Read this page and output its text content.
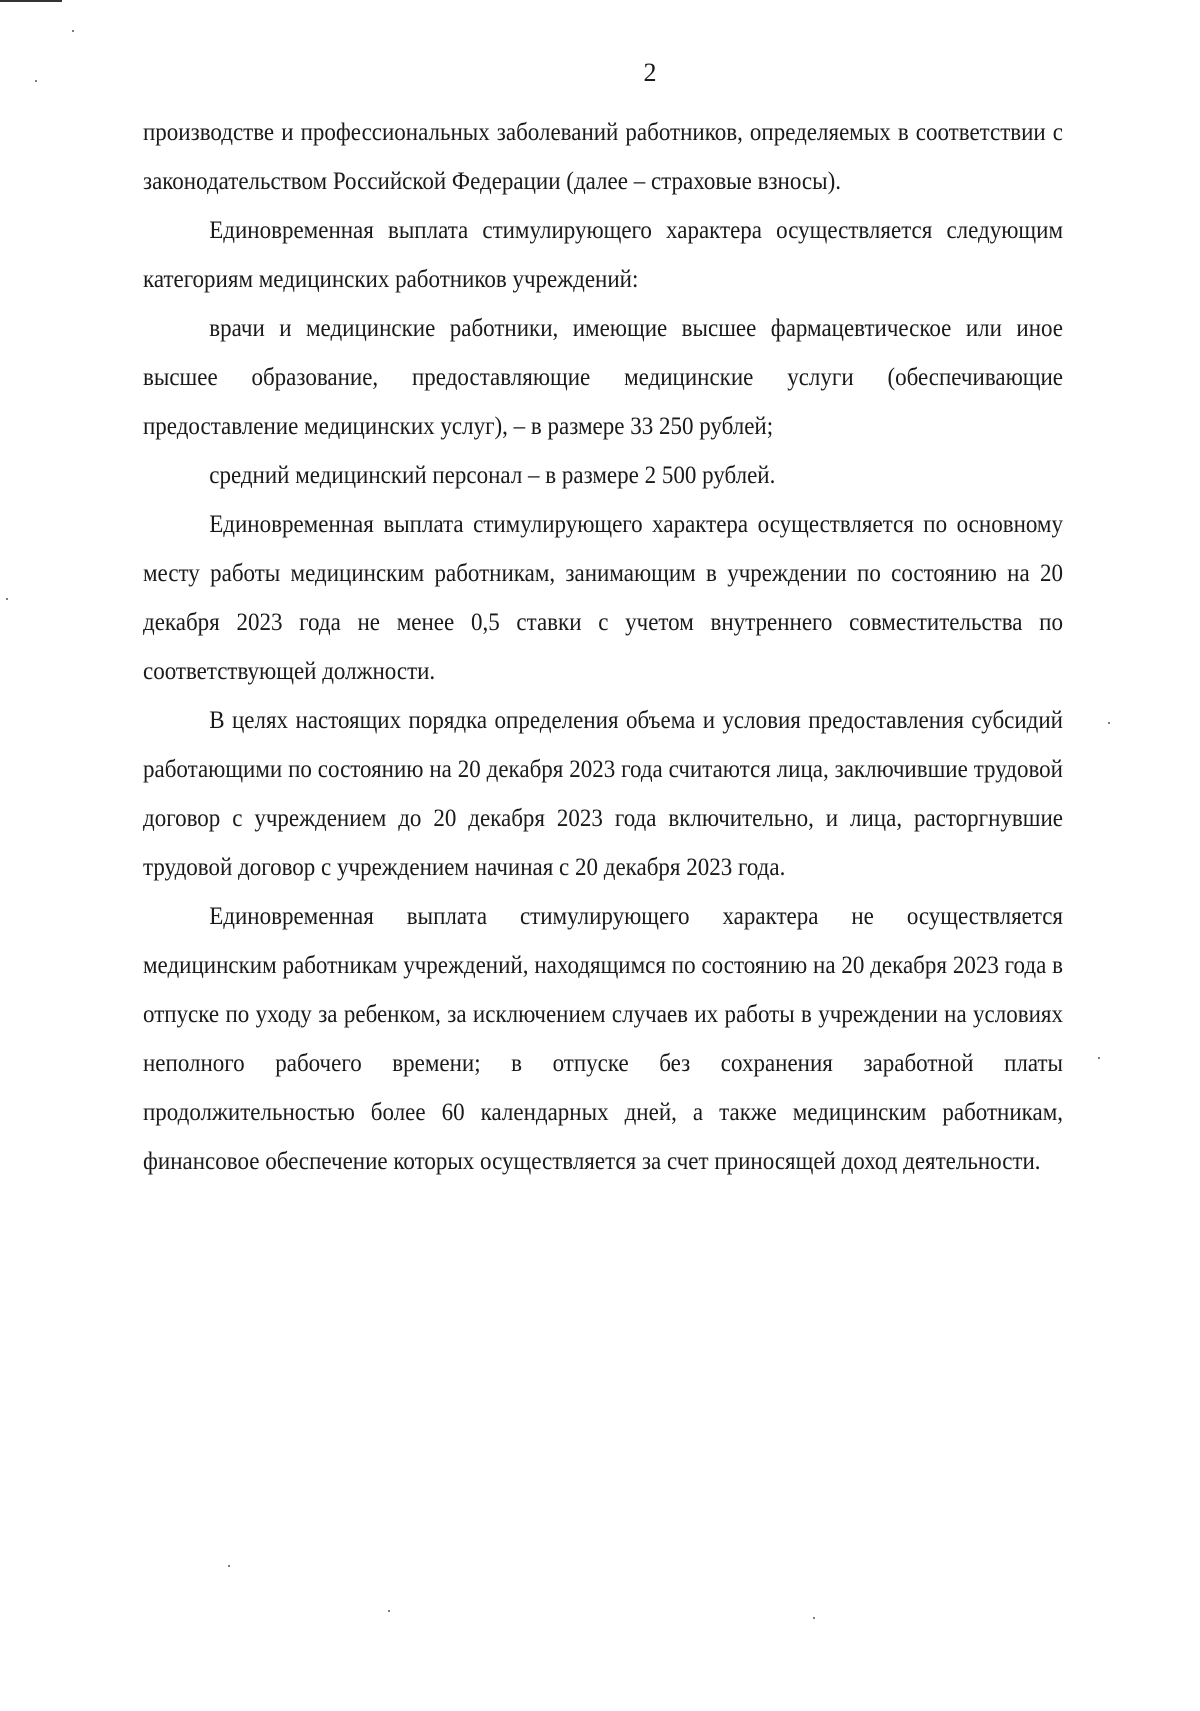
2

производстве и профессиональных заболеваний работников, определяемых в соответствии с законодательством Российской Федерации (далее – страховые взносы).

Единовременная выплата стимулирующего характера осуществляется следующим категориям медицинских работников учреждений:

врачи и медицинские работники, имеющие высшее фармацевтическое или иное высшее образование, предоставляющие медицинские услуги (обеспечивающие предоставление медицинских услуг), – в размере 33 250 рублей;

средний медицинский персонал – в размере 2 500 рублей.

Единовременная выплата стимулирующего характера осуществляется по основному месту работы медицинским работникам, занимающим в учреждении по состоянию на 20 декабря 2023 года не менее 0,5 ставки с учетом внутреннего совместительства по соответствующей должности.

В целях настоящих порядка определения объема и условия предоставления субсидий работающими по состоянию на 20 декабря 2023 года считаются лица, заключившие трудовой договор с учреждением до 20 декабря 2023 года включительно, и лица, расторгнувшие трудовой договор с учреждением начиная с 20 декабря 2023 года.

Единовременная выплата стимулирующего характера не осуществляется медицинским работникам учреждений, находящимся по состоянию на 20 декабря 2023 года в отпуске по уходу за ребенком, за исключением случаев их работы в учреждении на условиях неполного рабочего времени; в отпуске без сохранения заработной платы продолжительностью более 60 календарных дней, а также медицинским работникам, финансовое обеспечение которых осуществляется за счет приносящей доход деятельности.
